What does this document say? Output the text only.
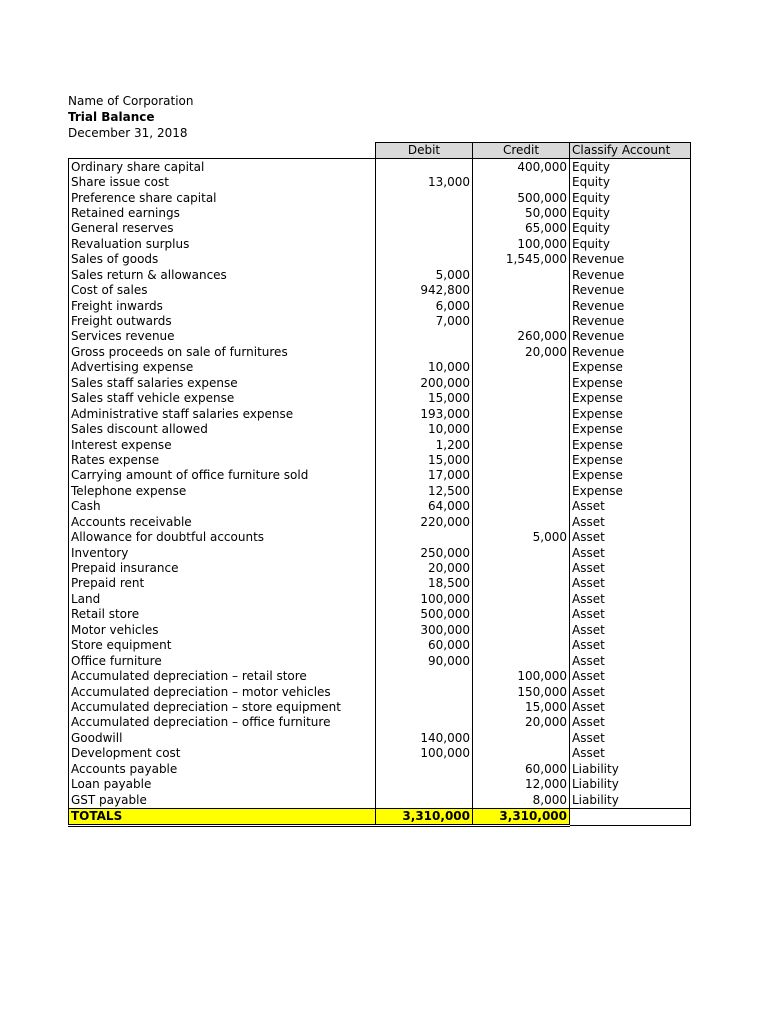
Name of Corporation
Trial Balance
December 31, 2018
	Debit	Credit	Classify Account
Ordinary share capital		400,000	Equity
Share issue cost	13,000		Equity
Preference share capital		500,000	Equity
Retained earnings		50,000	Equity
General reserves		65,000	Equity
Revaluation surplus		100,000	Equity
Sales of goods		1,545,000	Revenue
Sales return & allowances	5,000		Revenue
Cost of sales	942,800		Revenue
Freight inwards	6,000		Revenue
Freight outwards	7,000		Revenue
Services revenue		260,000	Revenue
Gross proceeds on sale of furnitures		20,000	Revenue
Advertising expense	10,000		Expense
Sales staff salaries expense	200,000		Expense
Sales staff vehicle expense	15,000		Expense
Administrative staff salaries expense	193,000		Expense
Sales discount allowed	10,000		Expense
Interest expense	1,200		Expense
Rates expense	15,000		Expense
Carrying amount of office furniture sold	17,000		Expense
Telephone expense	12,500		Expense
Cash	64,000		Asset
Accounts receivable	220,000		Asset
Allowance for doubtful accounts		5,000	Asset
Inventory	250,000		Asset
Prepaid insurance	20,000		Asset
Prepaid rent	18,500		Asset
Land	100,000		Asset
Retail store	500,000		Asset
Motor vehicles	300,000		Asset
Store equipment	60,000		Asset
Office furniture	90,000		Asset
Accumulated depreciation – retail store		100,000	Asset
Accumulated depreciation – motor vehicles		150,000	Asset
Accumulated depreciation – store equipment		15,000	Asset
Accumulated depreciation – office furniture		20,000	Asset
Goodwill	140,000		Asset
Development cost	100,000		Asset
Accounts payable		60,000	Liability
Loan payable		12,000	Liability
GST payable		8,000	Liability
TOTALS	3,310,000	3,310,000	
